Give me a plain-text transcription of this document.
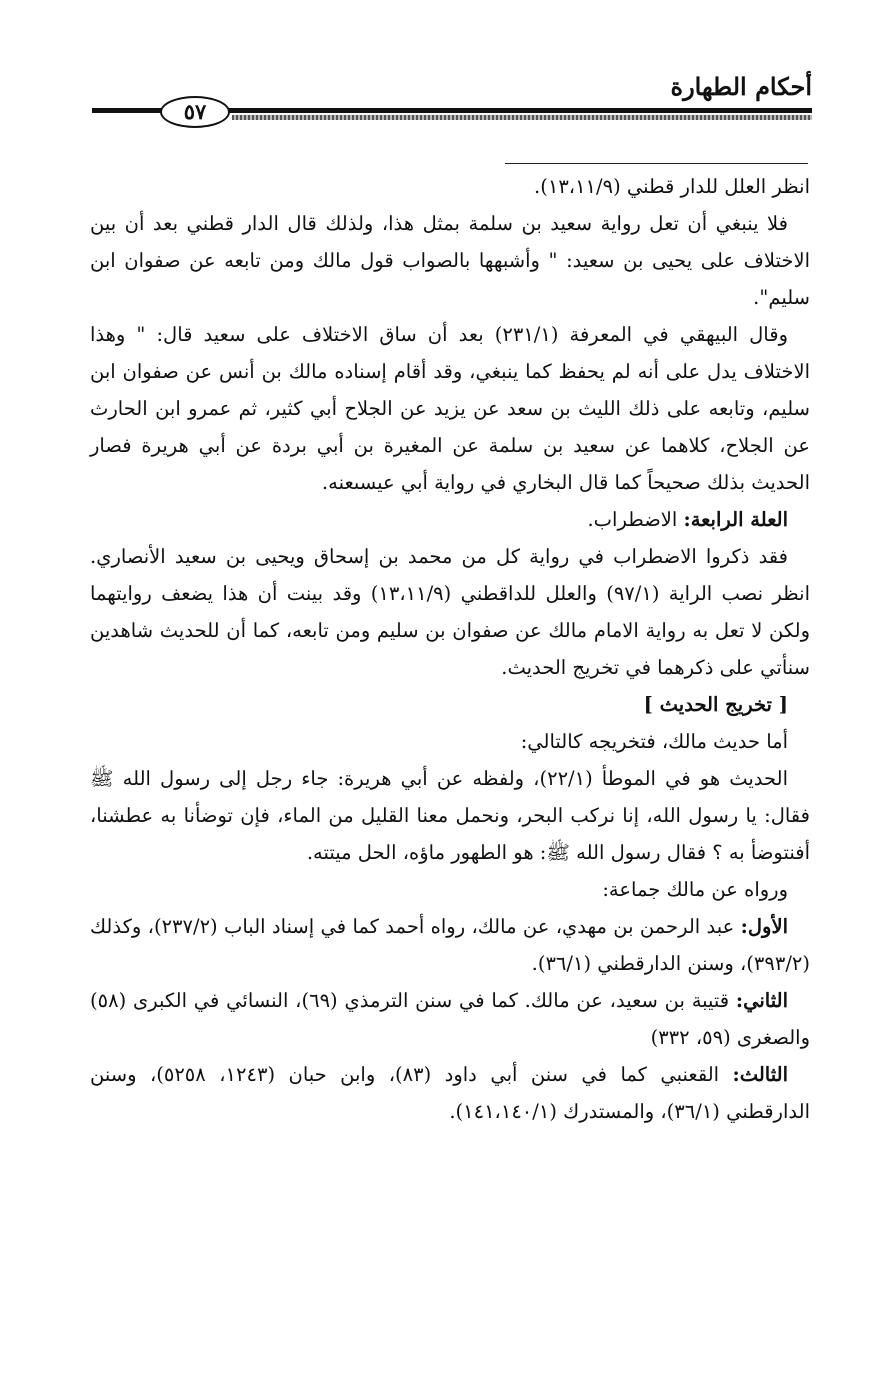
أحكام الطهارة
٥٧

انظر العلل للدار قطني (١٣،١١/٩).

فلا ينبغي أن تعل رواية سعيد بن سلمة بمثل هذا، ولذلك قال الدار قطني بعد أن بين الاختلاف على يحيى بن سعيد: " وأشبهها بالصواب قول مالك ومن تابعه عن صفوان ابن سليم".

وقال البيهقي في المعرفة (٢٣١/١) بعد أن ساق الاختلاف على سعيد قال: " وهذا الاختلاف يدل على أنه لم يحفظ كما ينبغي، وقد أقام إسناده مالك بن أنس عن صفوان ابن سليم، وتابعه على ذلك الليث بن سعد عن يزيد عن الجلاح أبي كثير، ثم عمرو ابن الحارث عن الجلاح، كلاهما عن سعيد بن سلمة عن المغيرة بن أبي بردة عن أبي هريرة فصار الحديث بذلك صحيحاً كما قال البخاري في رواية أبي عيسىعنه.

العلة الرابعة: الاضطراب.

فقد ذكروا الاضطراب في رواية كل من محمد بن إسحاق ويحيى بن سعيد الأنصاري. انظر نصب الراية (٩٧/١) والعلل للداقطني (١٣،١١/٩) وقد بينت أن هذا يضعف روايتهما ولكن لا تعل به رواية الامام مالك عن صفوان بن سليم ومن تابعه، كما أن للحديث شاهدين سنأتي على ذكرهما في تخريج الحديث.

[ تخريج الحديث ]

أما حديث مالك، فتخريجه كالتالي:

الحديث هو في الموطأ (٢٢/١)، ولفظه عن أبي هريرة: جاء رجل إلى رسول الله ﷺ فقال: يا رسول الله، إنا نركب البحر، ونحمل معنا القليل من الماء، فإن توضأنا به عطشنا، أفنتوضأ به ؟ فقال رسول الله ﷺ: هو الطهور ماؤه، الحل ميتته.

ورواه عن مالك جماعة:

الأول: عبد الرحمن بن مهدي، عن مالك، رواه أحمد كما في إسناد الباب (٢٣٧/٢)، وكذلك (٣٩٣/٢)، وسنن الدارقطني (٣٦/١).

الثاني: قتيبة بن سعيد، عن مالك. كما في سنن الترمذي (٦٩)، النسائي في الكبرى (٥٨) والصغرى (٥٩، ٣٣٢)

الثالث: القعنبي كما في سنن أبي داود (٨٣)، وابن حبان (١٢٤٣، ٥٢٥٨)، وسنن الدارقطني (٣٦/١)، والمستدرك (١٤١،١٤٠/١).
